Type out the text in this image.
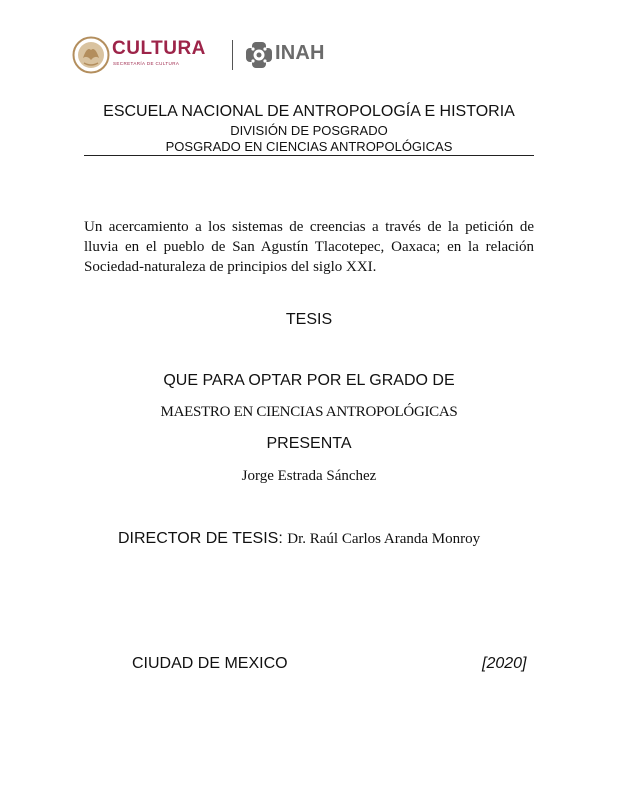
CULTURA
SECRETARÍA DE CULTURA	INAH
ESCUELA NACIONAL DE ANTROPOLOGÍA E HISTORIA
DIVISIÓN DE POSGRADO
POSGRADO EN CIENCIAS ANTROPOLÓGICAS
Un acercamiento a los sistemas de creencias a través de la petición de lluvia en el pueblo de San Agustín Tlacotepec, Oaxaca; en la relación Sociedad-naturaleza de principios del siglo XXI.
TESIS
QUE PARA OPTAR POR EL GRADO DE
MAESTRO EN CIENCIAS ANTROPOLÓGICAS
PRESENTA
Jorge Estrada Sánchez
DIRECTOR DE TESIS: Dr. Raúl Carlos Aranda Monroy
CIUDAD DE MEXICO	[2020]
